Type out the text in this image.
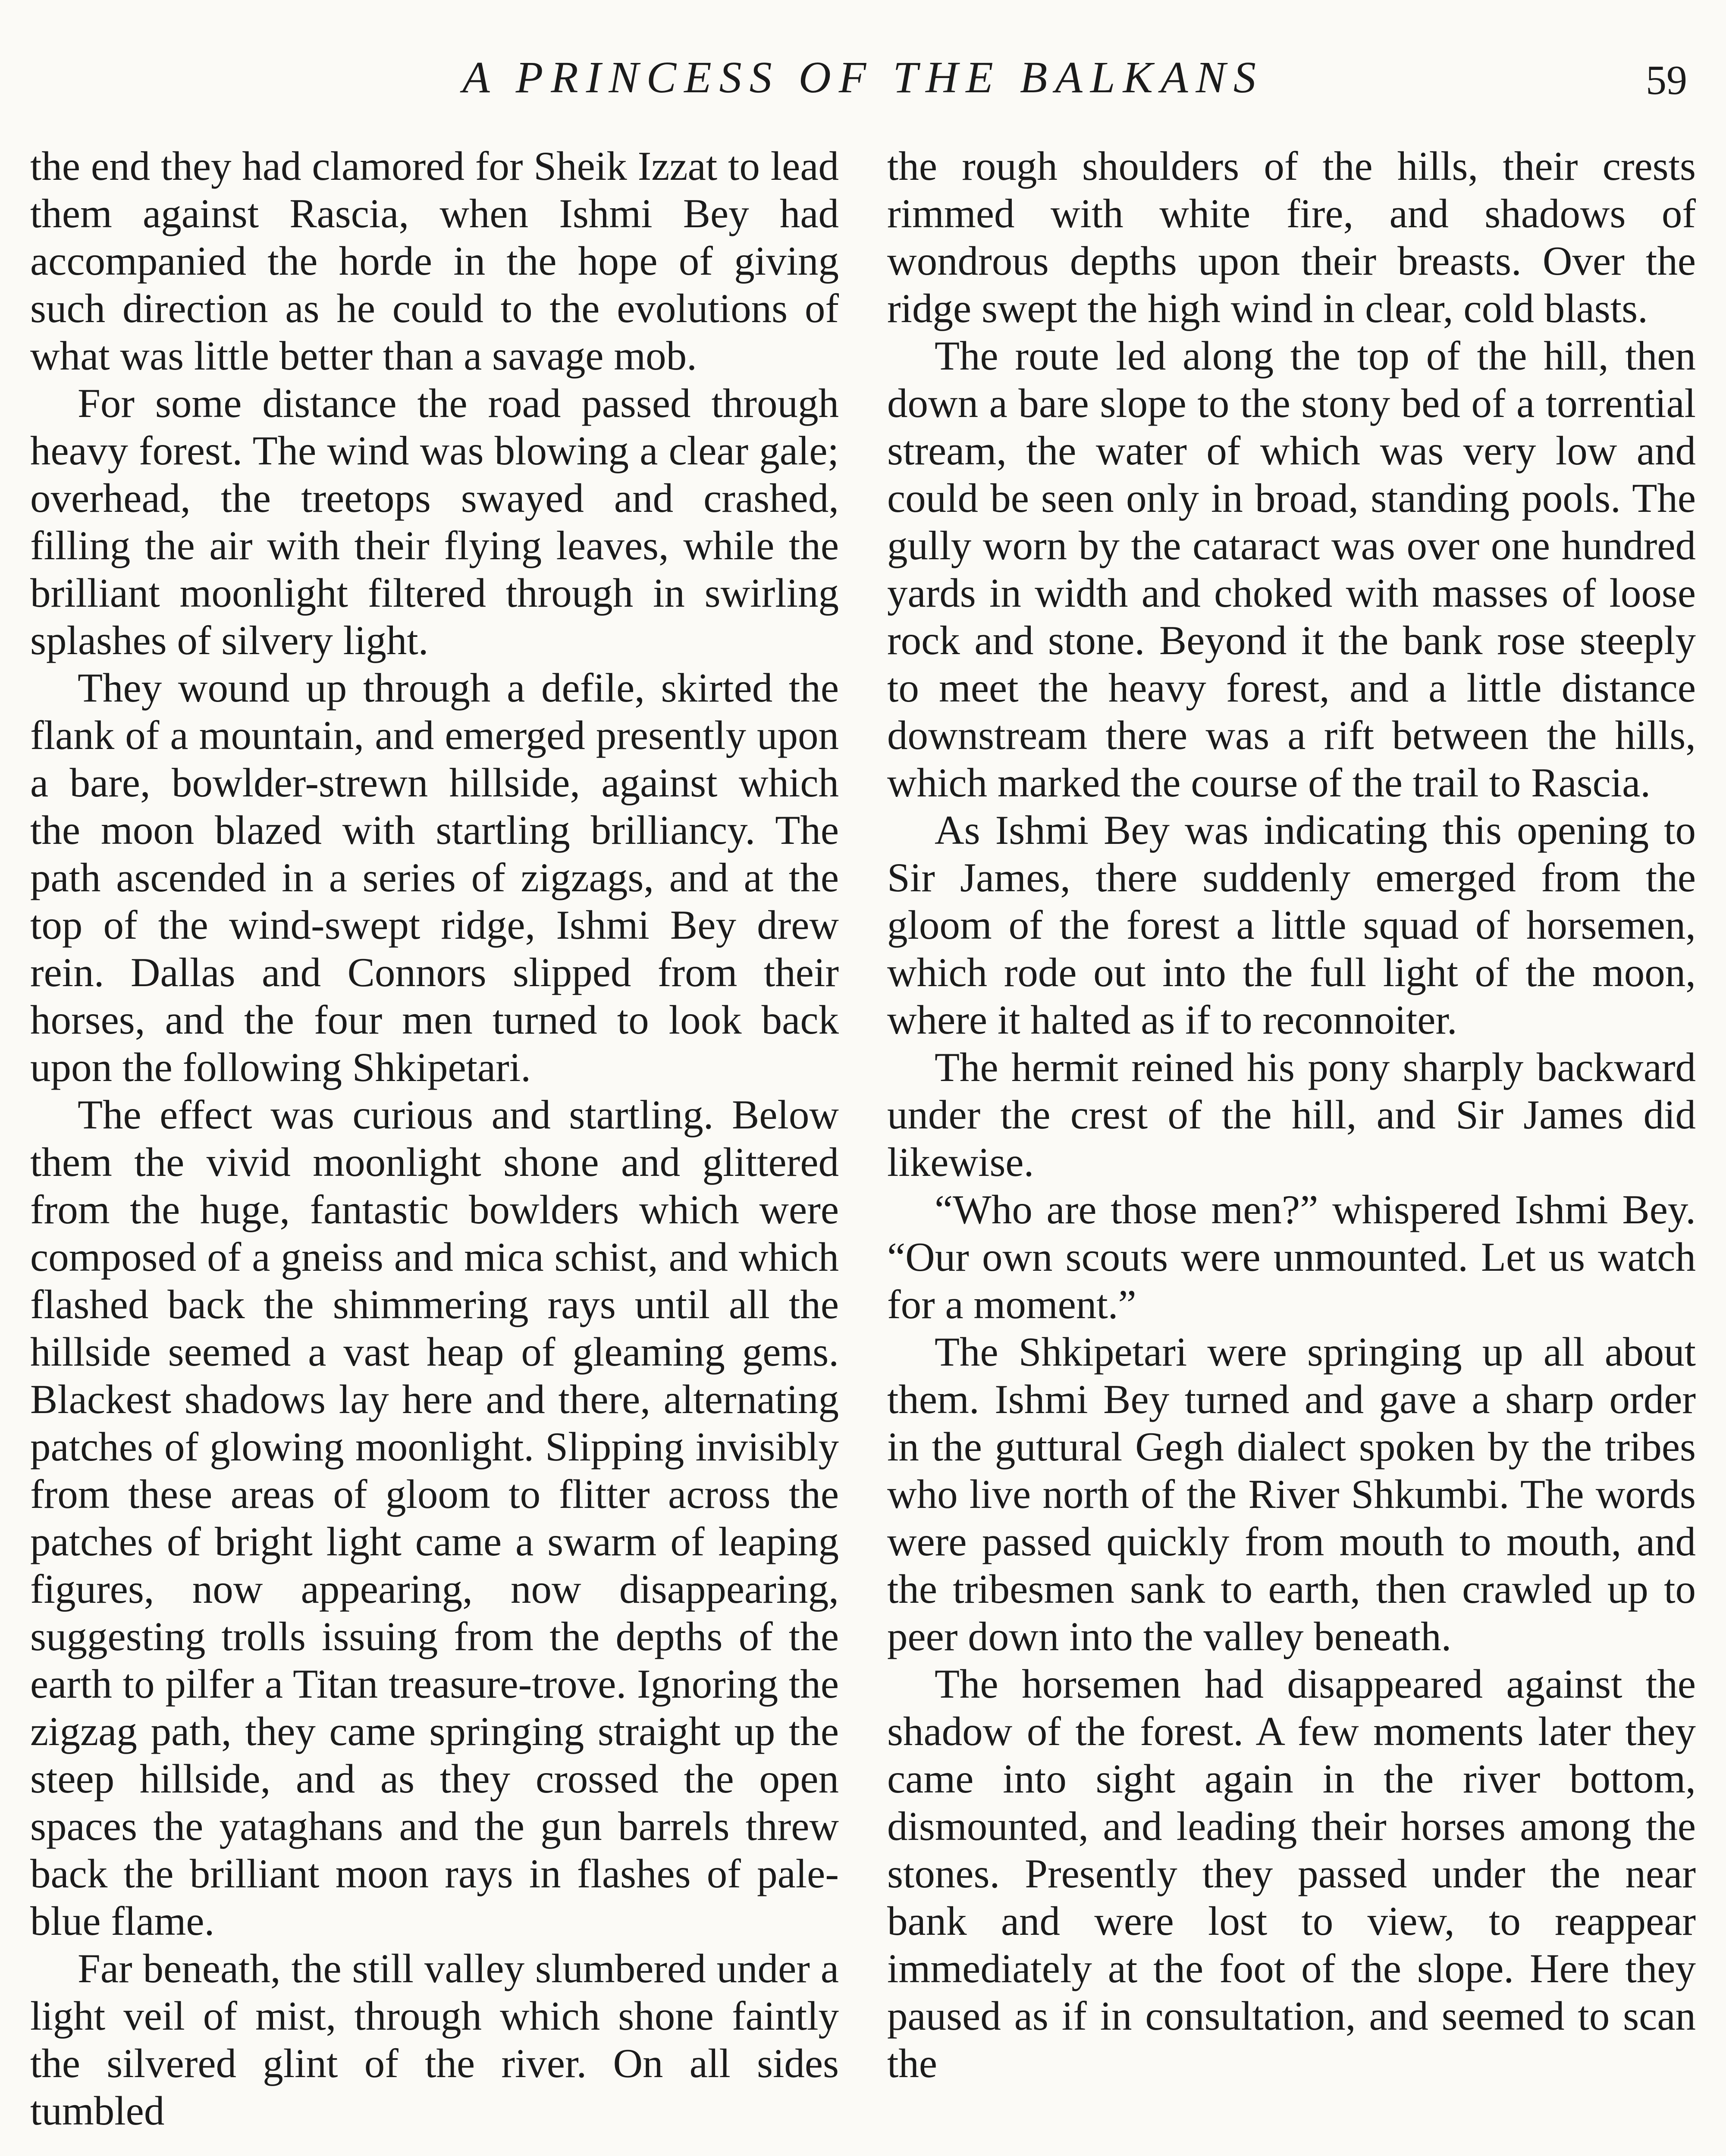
A PRINCESS OF THE BALKANS	59

the end they had clamored for Sheik Izzat to lead them against Rascia, when Ishmi Bey had accompanied the horde in the hope of giving such direction as he could to the evolutions of what was little better than a savage mob.

For some distance the road passed through heavy forest. The wind was blowing a clear gale; overhead, the treetops swayed and crashed, filling the air with their flying leaves, while the brilliant moonlight filtered through in swirling splashes of silvery light.

They wound up through a defile, skirted the flank of a mountain, and emerged presently upon a bare, bowlder-strewn hillside, against which the moon blazed with startling brilliancy. The path ascended in a series of zigzags, and at the top of the wind-swept ridge, Ishmi Bey drew rein. Dallas and Connors slipped from their horses, and the four men turned to look back upon the following Shkipetari.

The effect was curious and startling. Below them the vivid moonlight shone and glittered from the huge, fantastic bowlders which were composed of a gneiss and mica schist, and which flashed back the shimmering rays until all the hillside seemed a vast heap of gleaming gems. Blackest shadows lay here and there, alternating patches of glowing moonlight. Slipping invisibly from these areas of gloom to flitter across the patches of bright light came a swarm of leaping figures, now appearing, now disappearing, suggesting trolls issuing from the depths of the earth to pilfer a Titan treasure-trove. Ignoring the zigzag path, they came springing straight up the steep hillside, and as they crossed the open spaces the yataghans and the gun barrels threw back the brilliant moon rays in flashes of pale-blue flame.

Far beneath, the still valley slumbered under a light veil of mist, through which shone faintly the silvered glint of the river. On all sides tumbled

the rough shoulders of the hills, their crests rimmed with white fire, and shadows of wondrous depths upon their breasts. Over the ridge swept the high wind in clear, cold blasts.

The route led along the top of the hill, then down a bare slope to the stony bed of a torrential stream, the water of which was very low and could be seen only in broad, standing pools. The gully worn by the cataract was over one hundred yards in width and choked with masses of loose rock and stone. Beyond it the bank rose steeply to meet the heavy forest, and a little distance downstream there was a rift between the hills, which marked the course of the trail to Rascia.

As Ishmi Bey was indicating this opening to Sir James, there suddenly emerged from the gloom of the forest a little squad of horsemen, which rode out into the full light of the moon, where it halted as if to reconnoiter.

The hermit reined his pony sharply backward under the crest of the hill, and Sir James did likewise.

“Who are those men?” whispered Ishmi Bey. “Our own scouts were unmounted. Let us watch for a moment.”

The Shkipetari were springing up all about them. Ishmi Bey turned and gave a sharp order in the guttural Gegh dialect spoken by the tribes who live north of the River Shkumbi. The words were passed quickly from mouth to mouth, and the tribesmen sank to earth, then crawled up to peer down into the valley beneath.

The horsemen had disappeared against the shadow of the forest. A few moments later they came into sight again in the river bottom, dismounted, and leading their horses among the stones. Presently they passed under the near bank and were lost to view, to reappear immediately at the foot of the slope. Here they paused as if in consultation, and seemed to scan the
